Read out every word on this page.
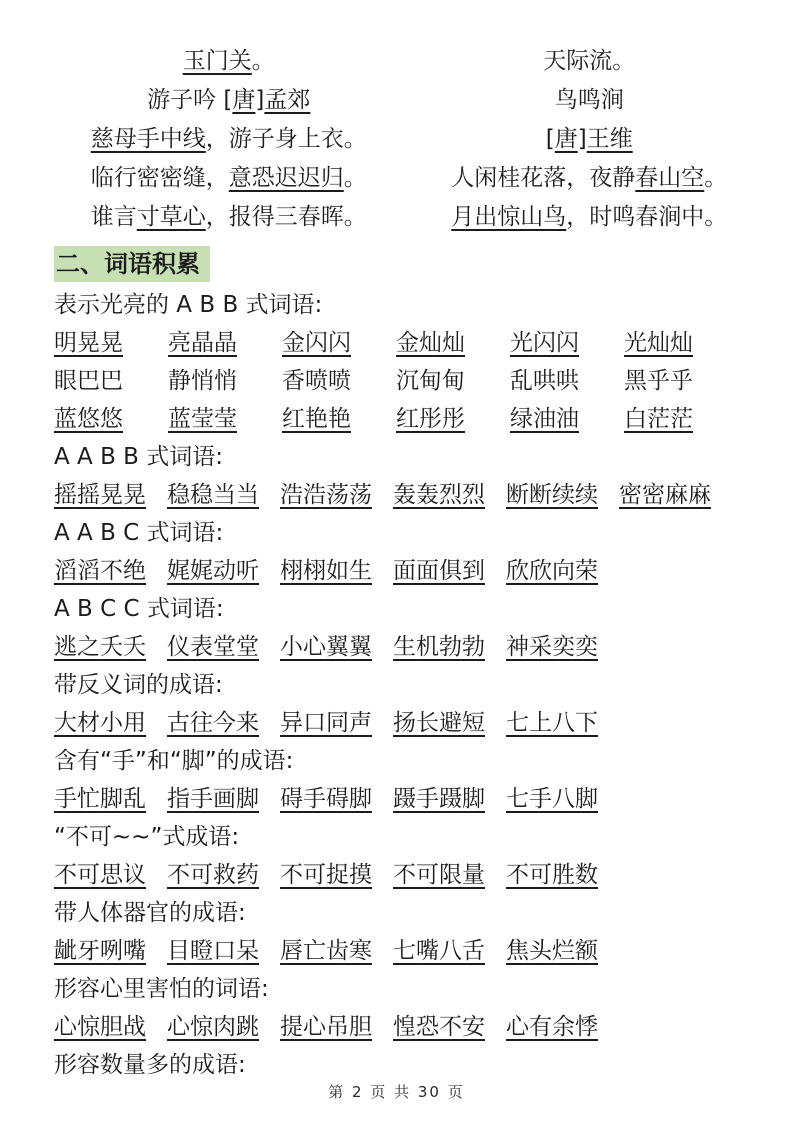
玉门关。
游子吟 [唐]孟郊
慈母手中线，游子身上衣。
临行密密缝，意恐迟迟归。
谁言寸草心，报得三春晖。
天际流。
鸟鸣涧
[唐]王维
人闲桂花落，夜静春山空。
月出惊山鸟，时鸣春涧中。
二、词语积累
表示光亮的 A B B 式词语:
明晃晃 亮晶晶 金闪闪 金灿灿 光闪闪 光灿灿
眼巴巴 静悄悄 香喷喷 沉甸甸 乱哄哄 黑乎乎
蓝悠悠 蓝莹莹 红艳艳 红彤彤 绿油油 白茫茫
A A B B 式词语:
摇摇晃晃 稳稳当当 浩浩荡荡 轰轰烈烈 断断续续 密密麻麻
A A B C 式词语:
滔滔不绝 娓娓动听 栩栩如生 面面俱到 欣欣向荣
A B C C 式词语:
逃之夭夭 仪表堂堂 小心翼翼 生机勃勃 神采奕奕
带反义词的成语:
大材小用 古往今来 异口同声 扬长避短 七上八下
含有“手”和“脚”的成语:
手忙脚乱 指手画脚 碍手碍脚 蹑手蹑脚 七手八脚
“不可~~”式成语:
不可思议 不可救药 不可捉摸 不可限量 不可胜数
带人体器官的成语:
龇牙咧嘴 目瞪口呆 唇亡齿寒 七嘴八舌 焦头烂额
形容心里害怕的词语:
心惊胆战 心惊肉跳 提心吊胆 惶恐不安 心有余悸
形容数量多的成语:
第 2 页 共 30 页
